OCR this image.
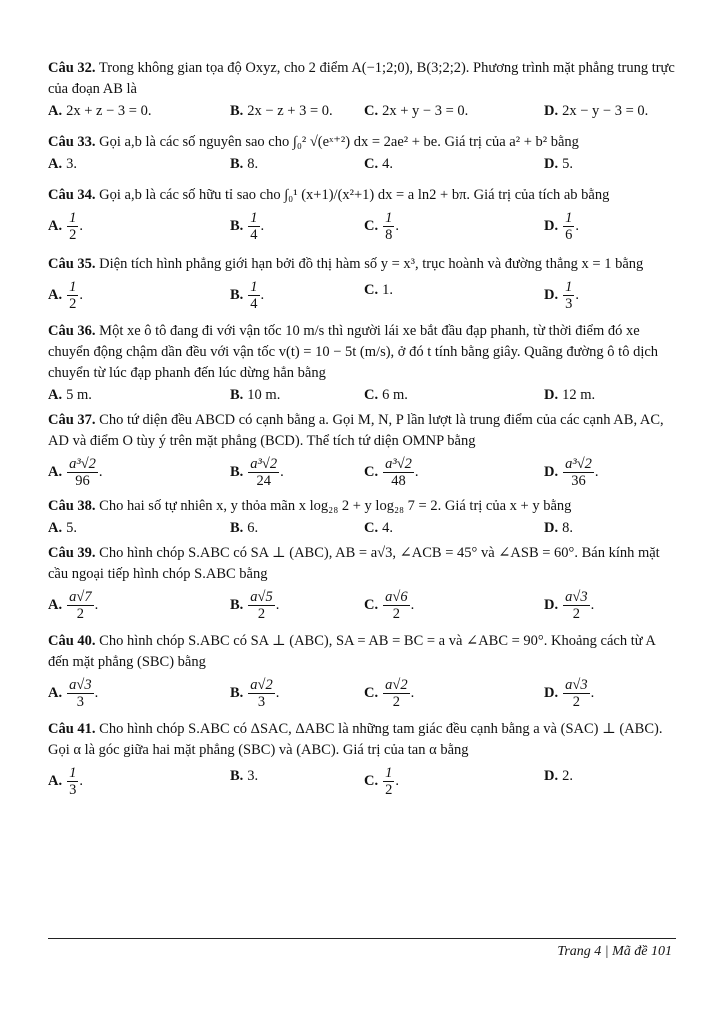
Câu 32. Trong không gian tọa độ Oxyz, cho 2 điểm A(−1;2;0), B(3;2;2). Phương trình mặt phẳng trung trực của đoạn AB là
A. 2x + z − 3 = 0.	B. 2x − z + 3 = 0. C. 2x + y − 3 = 0.	D. 2x − y − 3 = 0.
Câu 33. Gọi a,b là các số nguyên sao cho ∫₀² √(eˣ⁺²) dx = 2ae² + be. Giá trị của a² + b² bằng
A. 3.	B. 8.	C. 4.	D. 5.
Câu 34. Gọi a,b là các số hữu tỉ sao cho ∫₀¹ (x+1)/(x²+1) dx = a ln2 + bπ. Giá trị của tích ab bằng
A. $\frac{1}{2}$ .	B. $\frac{1}{4}$ .	C. $\frac{1}{8}$ .	D. $\frac{1}{6}$ .
Câu 35. Diện tích hình phẳng giới hạn bởi đồ thị hàm số y = x³, trục hoành và đường thẳng x = 1 bằng
A. $\frac{1}{2}$ .	B. $\frac{1}{4}$ .	C. 1.	D. $\frac{1}{3}$ .
Câu 36. Một xe ô tô đang đi với vận tốc 10 m/s thì người lái xe bắt đầu đạp phanh, từ thời điểm đó xe chuyển động chậm dần đều với vận tốc v(t) = 10 − 5t (m/s), ở đó t tính bằng giây. Quãng đường ô tô dịch chuyển từ lúc đạp phanh đến lúc dừng hẳn bằng
A. 5 m.	B. 10 m.	C. 6 m.	D. 12 m.
Câu 37. Cho tứ diện đều ABCD có cạnh bằng a. Gọi M, N, P lần lượt là trung điểm của các cạnh AB, AC, AD và điểm O tùy ý trên mặt phẳng (BCD). Thể tích tứ diện OMNP bằng
A. $\frac{\text{a³√2}}{96}$ .	B. $\frac{\text{a³√2}}{24}$ .	C. $\frac{\text{a³√2}}{48}$ .	D. $\frac{\text{a³√2}}{36}$ .
Câu 38. Cho hai số tự nhiên x, y thỏa mãn x log₂₈ 2 + y log₂₈ 7 = 2. Giá trị của x + y bằng
A. 5.	B. 6.	C. 4.	D. 8.
Câu 39. Cho hình chóp S.ABC có SA ⊥ (ABC), AB = a√3, ∠ACB = 45° và ∠ASB = 60°. Bán kính mặt cầu ngoại tiếp hình chóp S.ABC bằng
A. $\frac{a√7}{2}$ .	B. $\frac{a√5}{2}$ .	C. $\frac{a√6}{2}$ .	D. $\frac{a√3}{2}$ .
Câu 40. Cho hình chóp S.ABC có SA ⊥ (ABC), SA = AB = BC = a và ∠ABC = 90°. Khoảng cách từ A đến mặt phẳng (SBC) bằng
A. $\frac{a√3}{3}$ .	B. $\frac{a√2}{3}$ .	C. $\frac{a√2}{2}$ .	D. $\frac{a√3}{2}$ .
Câu 41. Cho hình chóp S.ABC có ΔSAC, ΔABC là những tam giác đều cạnh bằng a và (SAC) ⊥ (ABC). Gọi α là góc giữa hai mặt phẳng (SBC) và (ABC). Giá trị của tan α bằng
A. $\frac{1}{3}$ .	B. 3.	C. $\frac{1}{2}$ .	D. 2.
Trang 4 | Mã đề 101
